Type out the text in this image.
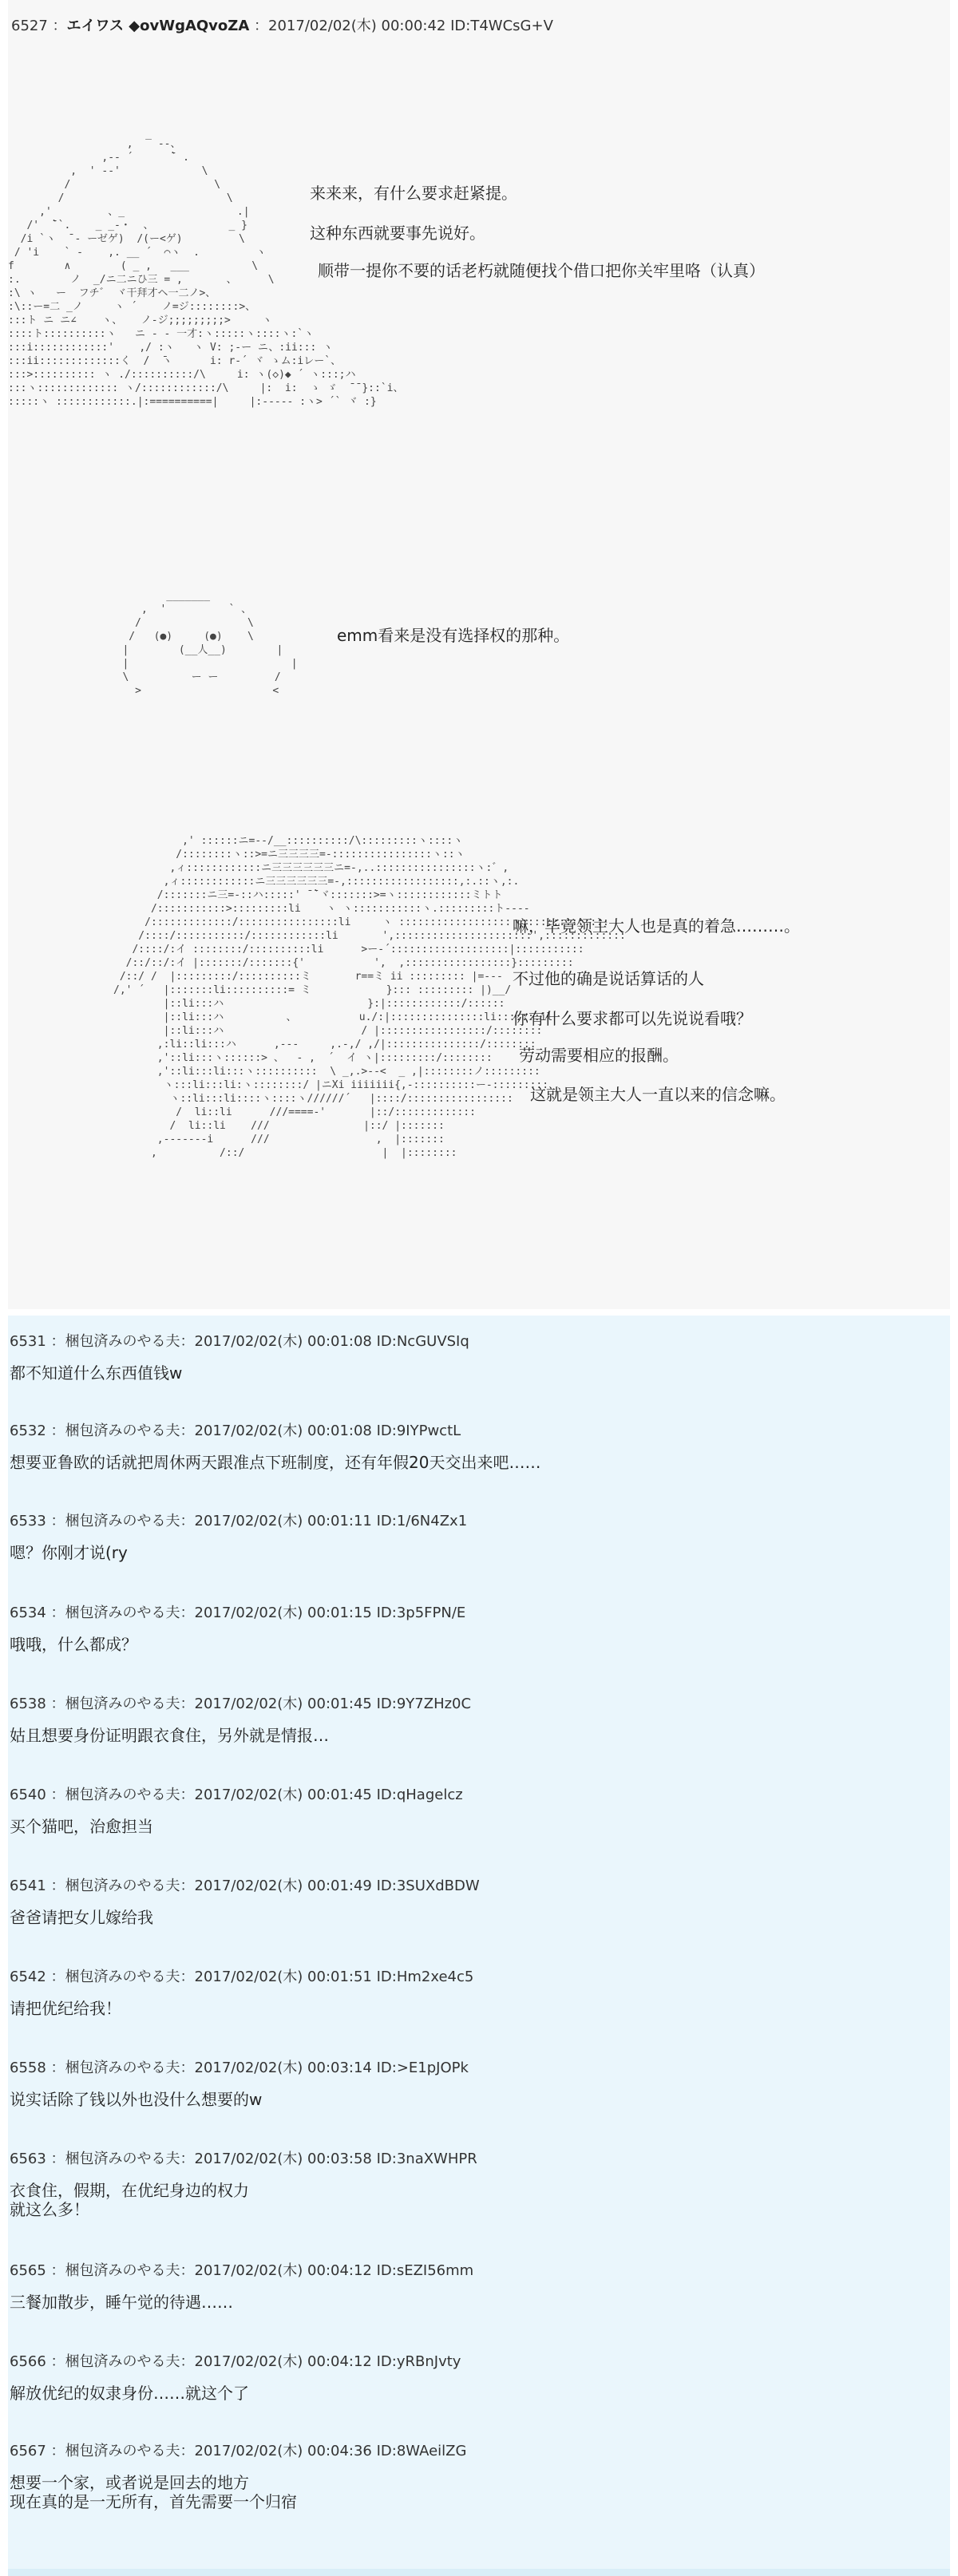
6527 ：エイワス ◆ovWgAQvoZA ：2017/02/02(木) 00:00:42 ID:T4WCsG+V
,  ‾ ‐-、
,-‐ ´      ̄` .
,  ' ‐-'             \
/                       \
/                          \
,'         、_                  .|
/'  ̄``.    _ _-・  、            _ }
/i `ヽ  ̄ ‐ ーゼゲ)  /(ー<ゲ)         \
/ 'i    ` ‐    ,. __ ´  ⌒ヽ  .         ヽ
f        ∧        ( _ ,   ___          \
:.        ノ  _/ニ二ニひ三 = ,       、     \
:\ ヽ   ー  フチ゛ ヾ干拜才ヘ一二ノ>、
:\::ー=二 _ノ     ヽ ´    ノ=ジ::::::::>、
:::ト ニ ニ∠    ヽ、   ノ-ジ;;;;;;;;;>     ヽ
::::ト::::::::::ヽ   ニ - ‐ 一才:ヽ:::::ヽ::::ヽ:`ヽ
:::i::::::::::::'    ,/ :ヽ   ヽ V: ;-ー ニ、:ii::: ヽ
:::ii:::::::::::::く  /  ̄ヽ      i: r‐´ ヾ ゝム:iレー`、
:::>:::::::::: ヽ ./::::::::::/\     i: ヽ(◇)◆ ´ ヽ:::;ハ
:::ヽ::::::::::::: ヽ/::::::::::::/\     |:  i:  ゝ ゞ  ̄ ̄ }::`i、
:::::ヽ ::::::::::::.|:==========|     |:‐‐‐‐‐ :ヽ> ´` ヾ :}
来来来，有什么要求赶紧提。
这种东西就要事先说好。
顺带一提你不要的话老朽就随便找个借口把你关牢里咯（认真）
_______
,  '          ` 、
/                 \
/   (●)     (●)    \
|        (__人__)        |
|                          |
\          ー ー         /
>                     <
emm看来是没有选择权的那种。
,' ::::::ニ=-‐/__::::::::::/\:::::::::ヽ::::ヽ
/::::::::ヽ::>=ニ三三三三=-::::::::::::::::ヽ::ヽ
,ィ::::::::::::ニ三三三三三三ニ=-,..::::::::::::::::ヽ:゛,
,ィ::::::::::::ニ三三三三三三=-,::::::::::::::::::,:.::ヽ,:.
/:::::::ニ三=-::ハ:::::' ̄ ̄`ヾ:::::::>=ヽ::::::::::::ミトト
/:::::::::::>:::::::::li    ヽ ヽ:::::::::::ヽ.:::::::::ト-‐‐‐
/:::::::::::::/::::::::::::::::li     ヽ ::::::::::::::::::ヽ::::::::::::::
/::::/:::::::::::/::::::::::::li       ',::::::::::::::::::::::',:::::::::::::
/::::/:イ ::::::::/::::::::::li      >ー-´:::::::::::::::::::|:::::::::::
/::/::/:イ |:::::::/:::::::{'           ',  ,:::::::::::::::::}:::::::::
/::/ /  |:::::::::/::::::::::ミ       r==ミ ii ::::::::: |=‐‐‐
/,' ´   |:::::::li::::::::::= ミ            }::: ::::::::: |)__/
|::li:::ハ                       }:|::::::::::::/::::::
|::li:::ハ          、          u./:|:::::::::::::::li:::::::il
|::li:::ハ                      / |:::::::::::::::::/::::::::
,:li::li:::ハ      ,-‐‐     ,.-,/ ,/|:::::::::::::::/::::::::
,'::li:::ヽ::::::> 、  ‐ ,  ´  イ ヽ|:::::::::/::::::::
,'::li:::li:::ヽ::::::::::  \ _,.>‐-<  _ ,|::::::::ノ:::::::::
ヽ:::li:::li:ヽ::::::::/ |ニXi iiiiiii{,‐::::::::::ー-:::::::::
ヽ::li:::li::::ヽ::::ヽ//////´   |::::/:::::::::::::::::
/  li::li      ///====‐'       |::/:::::::::::::
/  li::li    ///               |::/ |:::::::
,‐‐‐‐‐‐‐i      ///                 ,  |:::::::
,          /::/                      |  |::::::::
嘛，毕竟领主大人也是真的着急………。
不过他的确是说话算话的人
你有什么要求都可以先说说看哦？
劳动需要相应的报酬。
这就是领主大人一直以来的信念嘛。
6531 ：梱包済みのやる夫：2017/02/02(木) 00:01:08 ID:NcGUVSIq
都不知道什么东西值钱w
6532 ：梱包済みのやる夫：2017/02/02(木) 00:01:08 ID:9IYPwctL
想要亚鲁欧的话就把周休两天跟准点下班制度，还有年假20天交出来吧……
6533 ：梱包済みのやる夫：2017/02/02(木) 00:01:11 ID:1/6N4Zx1
嗯？你刚才说(ry
6534 ：梱包済みのやる夫：2017/02/02(木) 00:01:15 ID:3p5FPN/E
哦哦，什么都成？
6538 ：梱包済みのやる夫：2017/02/02(木) 00:01:45 ID:9Y7ZHz0C
姑且想要身份证明跟衣食住，另外就是情报…
6540 ：梱包済みのやる夫：2017/02/02(木) 00:01:45 ID:qHagelcz
买个猫吧，治愈担当
6541 ：梱包済みのやる夫：2017/02/02(木) 00:01:49 ID:3SUXdBDW
爸爸请把女儿嫁给我
6542 ：梱包済みのやる夫：2017/02/02(木) 00:01:51 ID:Hm2xe4c5
请把优纪给我！
6558 ：梱包済みのやる夫：2017/02/02(木) 00:03:14 ID:>E1pJOPk
说实话除了钱以外也没什么想要的w
6563 ：梱包済みのやる夫：2017/02/02(木) 00:03:58 ID:3naXWHPR
衣食住，假期，在优纪身边的权力
就这么多！
6565 ：梱包済みのやる夫：2017/02/02(木) 00:04:12 ID:sEZI56mm
三餐加散步，睡午觉的待遇……
6566 ：梱包済みのやる夫：2017/02/02(木) 00:04:12 ID:yRBnJvty
解放优纪的奴隶身份……就这个了
6567 ：梱包済みのやる夫：2017/02/02(木) 00:04:36 ID:8WAeilZG
想要一个家，或者说是回去的地方
现在真的是一无所有，首先需要一个归宿
